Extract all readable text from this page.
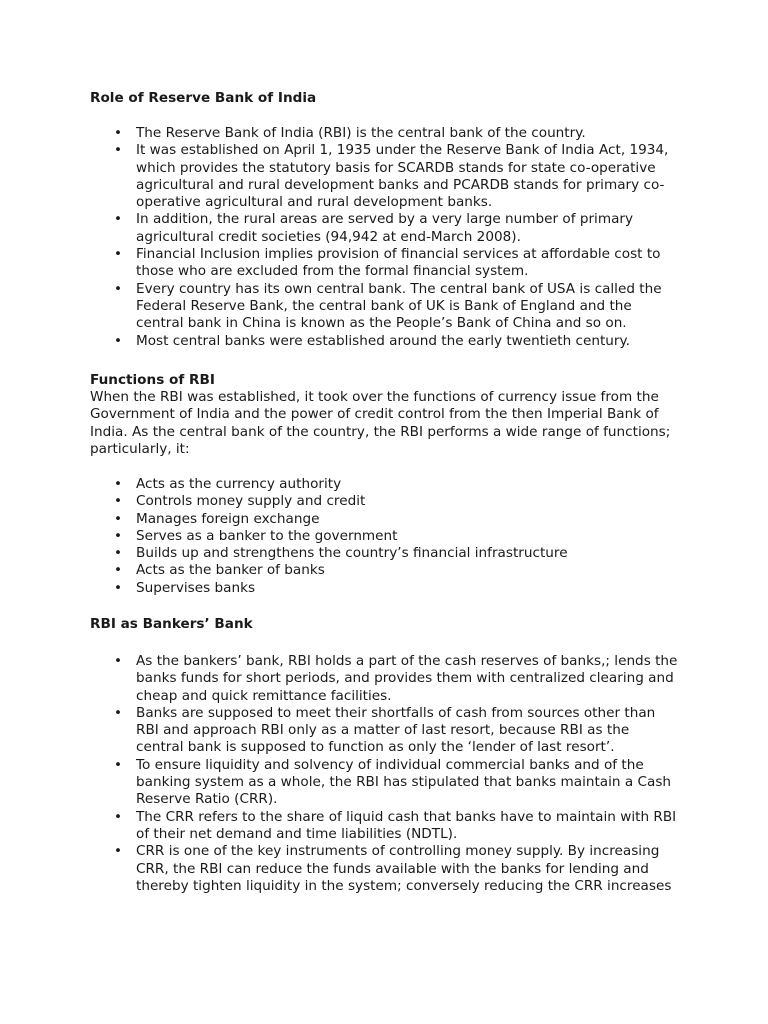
Role of Reserve Bank of India
• The Reserve Bank of India (RBI) is the central bank of the country.
• It was established on April 1, 1935 under the Reserve Bank of India Act, 1934, which provides the statutory basis for SCARDB stands for state co-operative agricultural and rural development banks and PCARDB stands for primary co-operative agricultural and rural development banks.
• In addition, the rural areas are served by a very large number of primary agricultural credit societies (94,942 at end-March 2008).
• Financial Inclusion implies provision of financial services at affordable cost to those who are excluded from the formal financial system.
• Every country has its own central bank. The central bank of USA is called the Federal Reserve Bank, the central bank of UK is Bank of England and the central bank in China is known as the People’s Bank of China and so on.
• Most central banks were established around the early twentieth century.
Functions of RBI

When the RBI was established, it took over the functions of currency issue from the Government of India and the power of credit control from the then Imperial Bank of India. As the central bank of the country, the RBI performs a wide range of functions; particularly, it:

• Acts as the currency authority
• Controls money supply and credit
• Manages foreign exchange
• Serves as a banker to the government
• Builds up and strengthens the country’s financial infrastructure
• Acts as the banker of banks
• Supervises banks
RBI as Bankers’ Bank
• As the bankers’ bank, RBI holds a part of the cash reserves of banks,; lends the banks funds for short periods, and provides them with centralized clearing and cheap and quick remittance facilities.
• Banks are supposed to meet their shortfalls of cash from sources other than RBI and approach RBI only as a matter of last resort, because RBI as the central bank is supposed to function as only the ‘lender of last resort’.
• To ensure liquidity and solvency of individual commercial banks and of the banking system as a whole, the RBI has stipulated that banks maintain a Cash Reserve Ratio (CRR).
• The CRR refers to the share of liquid cash that banks have to maintain with RBI of their net demand and time liabilities (NDTL).
• CRR is one of the key instruments of controlling money supply. By increasing CRR, the RBI can reduce the funds available with the banks for lending and thereby tighten liquidity in the system; conversely reducing the CRR increases
